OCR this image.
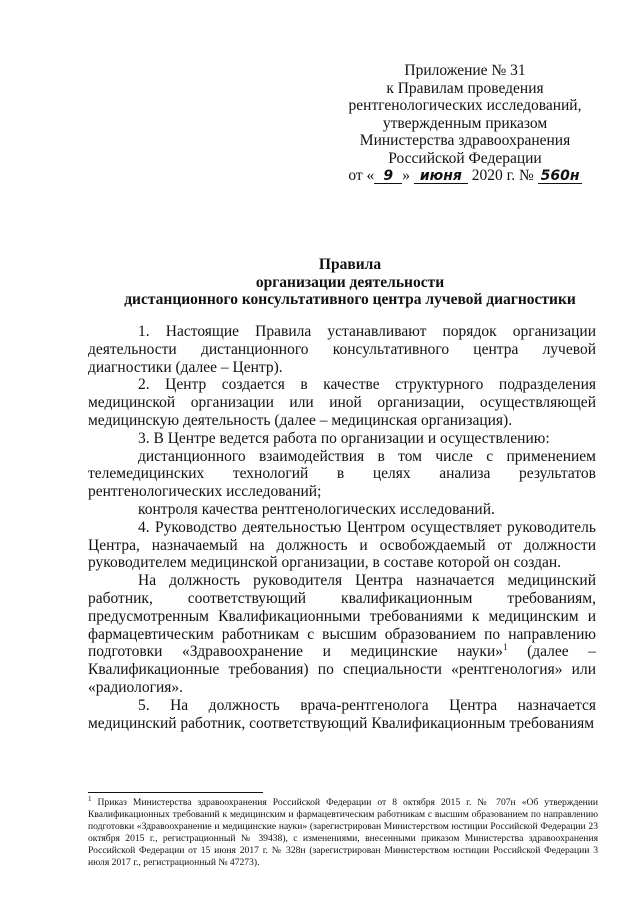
Приложение № 31
к Правилам проведения
рентгенологических исследований,
утвержденным приказом
Министерства здравоохранения
Российской Федерации
от « 9 » июня 2020 г. № 560н
Правила
организации деятельности
дистанционного консультативного центра лучевой диагностики

1. Настоящие Правила устанавливают порядок организации деятельности дистанционного консультативного центра лучевой диагностики (далее – Центр).

2. Центр создается в качестве структурного подразделения медицинской организации или иной организации, осуществляющей медицинскую деятельность (далее – медицинская организация).

3. В Центре ведется работа по организации и осуществлению:

дистанционного взаимодействия в том числе с применением телемедицинских технологий в целях анализа результатов рентгенологических исследований;

контроля качества рентгенологических исследований.

4. Руководство деятельностью Центром осуществляет руководитель Центра, назначаемый на должность и освобождаемый от должности руководителем медицинской организации, в составе которой он создан.

На должность руководителя Центра назначается медицинский работник, соответствующий квалификационным требованиям, предусмотренным Квалификационными требованиями к медицинским и фармацевтическим работникам с высшим образованием по направлению подготовки «Здравоохранение и медицинские науки»$^1$ (далее – Квалификационные требования) по специальности «рентгенология» или «радиология».

5. На должность врача-рентгенолога Центра назначается медицинский работник, соответствующий Квалификационным требованиям

$^1$ Приказ Министерства здравоохранения Российской Федерации от 8 октября 2015 г. № 707н «Об утверждении Квалификационных требований к медицинским и фармацевтическим работникам с высшим образованием по направлению подготовки «Здравоохранение и медицинские науки» (зарегистрирован Министерством юстиции Российской Федерации 23 октября 2015 г., регистрационный № 39438), с изменениями, внесенными приказом Министерства здравоохранения Российской Федерации от 15 июня 2017 г. № 328н (зарегистрирован Министерством юстиции Российской Федерации 3 июля 2017 г., регистрационный № 47273).
